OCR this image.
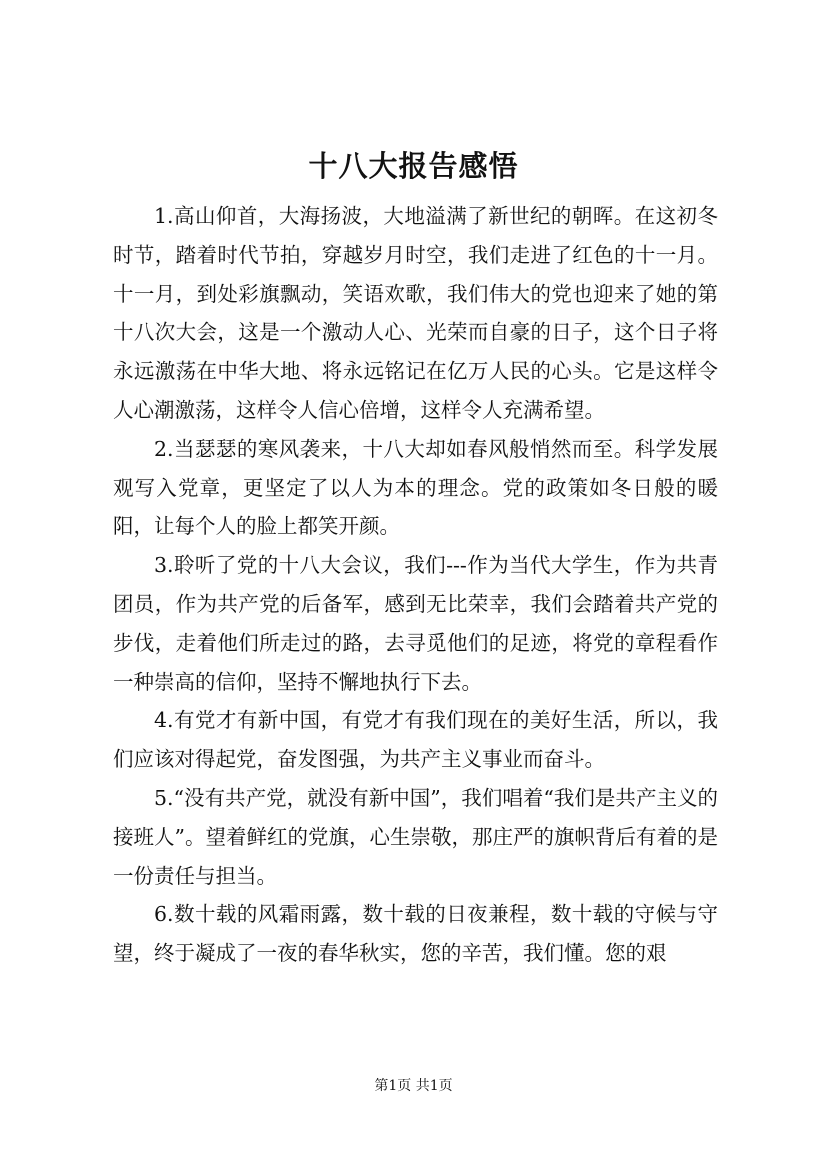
十八大报告感悟

1.高山仰首，大海扬波，大地溢满了新世纪的朝晖。在这初冬时节，踏着时代节拍，穿越岁月时空，我们走进了红色的十一月。十一月，到处彩旗飘动，笑语欢歌，我们伟大的党也迎来了她的第十八次大会，这是一个激动人心、光荣而自豪的日子，这个日子将永远激荡在中华大地、将永远铭记在亿万人民的心头。它是这样令人心潮激荡，这样令人信心倍增，这样令人充满希望。

2.当瑟瑟的寒风袭来，十八大却如春风般悄然而至。科学发展观写入党章，更坚定了以人为本的理念。党的政策如冬日般的暖阳，让每个人的脸上都笑开颜。

3.聆听了党的十八大会议，我们---作为当代大学生，作为共青团员，作为共产党的后备军，感到无比荣幸，我们会踏着共产党的步伐，走着他们所走过的路，去寻觅他们的足迹，将党的章程看作一种崇高的信仰，坚持不懈地执行下去。

4.有党才有新中国，有党才有我们现在的美好生活，所以，我们应该对得起党，奋发图强，为共产主义事业而奋斗。

5.“没有共产党，就没有新中国”，我们唱着“我们是共产主义的接班人”。望着鲜红的党旗，心生崇敬，那庄严的旗帜背后有着的是一份责任与担当。

6.数十载的风霜雨露，数十载的日夜兼程，数十载的守候与守望，终于凝成了一夜的春华秋实，您的辛苦，我们懂。您的艰

第1页 共1页
